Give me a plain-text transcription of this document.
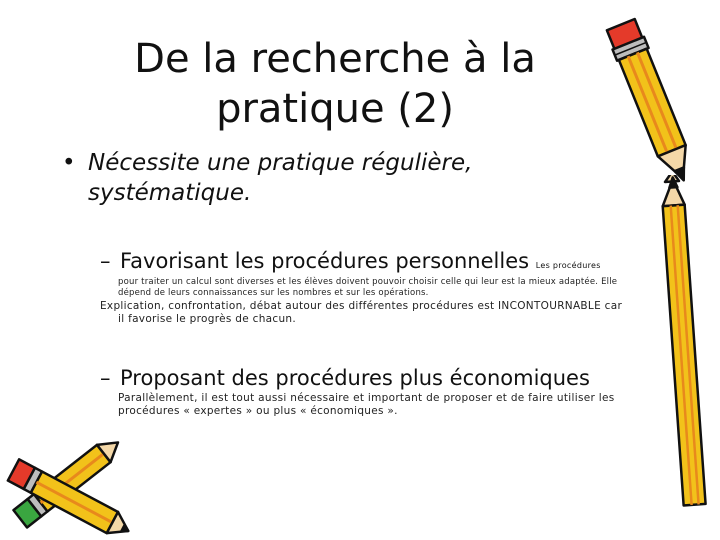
De la recherche à la
pratique (2)
• Nécessite une pratique régulière, systématique.
– Favorisant les procédures personnelles Les procédures
pour traiter un calcul sont diverses et les élèves doivent pouvoir choisir celle qui leur est la mieux adaptée. Elle
dépend de leurs connaissances sur les nombres et sur les opérations.
Explication, confrontation, débat autour des différentes procédures est INCONTOURNABLE car
il favorise le progrès de chacun.
– Proposant des procédures plus économiques
Parallèlement, il est tout aussi nécessaire et important de proposer et de faire utiliser les
procédures « expertes » ou plus « économiques ».
